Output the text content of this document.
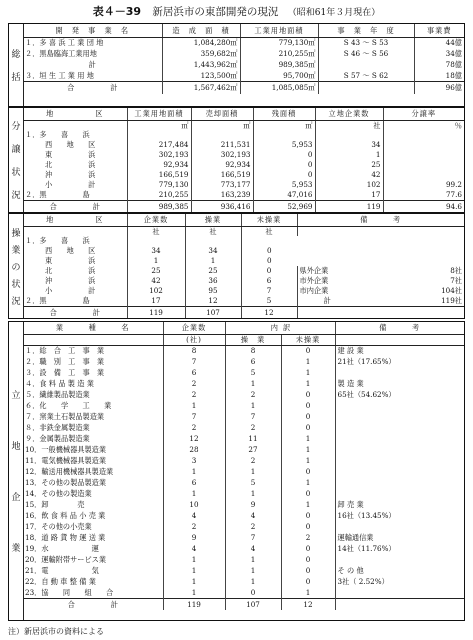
表４－39 新居浜市の東部開発の現況 （昭和61年３月現在）
総
括
開　発　事　業　名	造　成　面　積	工業用地面積	事　業　年　度	事業費
１．多 喜 浜 工 業 団 地	1,084,280㎡	779,130㎡	S 43 ～ S 53	44億
２．黒島臨海工業用地	359,682㎡	210,255㎡	S 46 ～ S 56	34億
計	1,443,962㎡	989,385㎡		78億
３．垣 生 工 業 用 地	123,500㎡	95,700㎡	S 57 ～ S 62	18億
合　　　　　計	1,567,462㎡	1,085,085㎡		96億
分
譲
状
況
地　　　　　区	工業用地面積	売却面積	残面積	立地企業数	分譲率
	㎡	㎡	㎡	社	％
１．多　　喜　　浜					
西　　地　　区	217,484	211,531	5,953	34	
東　　　　　浜	302,193	302,193	0	1	
北　　　　　浜	92,934	92,934	0	25	
沖　　　　　浜	166,519	166,519	0	42	
小　　　　　計	779,130	773,177	5,953	102	99.2
２．黒　　　　　島	210,255	163,239	47,016	17	77.6
合　　　　　計	989,385	936,416	52,969	119	94.6
操
業
の
状
況
地　　　　　区	企業数	操業	未操業	備　　　考	
	社	社	社		
１．多　　喜　　浜					
西　　地　　区	34	34	0		
東　　　　　浜	1	1	0		
北　　　　　浜	25	25	0	県外企業	8社
沖　　　　　浜	42	36	6	市外企業	7社
小　　　　　計	102	95	7	市内企業	104社
２．黒　　　　　島	17	12	5	計	119社
合　　　　　計	119	107	12		
立
地
企
業
業　　　種　　　名	企業数	内	訳	備　　　考
	(社)	操　業	未操業	
１．総　合　工　事　業	8	8	0	建 設 業
２．職　別　工　事　業	7	6	1	21社（17.65%）
３．設　備　工　事　業	6	5	1	
４．食 料 品 製 造 業	2	1	1	製 造 業
５．繊維製品製造業	2	2	0	65社（54.62%）
６．化　　学　　工　　業	1	1	0	
７．窯業土石製品製造業	7	7	0	
８．非鉄金属製造業	2	2	0	
９．金属製品製造業	12	11	1	
10．一般機械器具製造業	28	27	1	
11．電気機械器具製造業	3	2	1	
12．輸送用機械器具製造業	1	1	0	
13．その他の製品製造業	6	5	1	
14．その他の製造業	1	1	0	
15．卸　　　　売	10	9	1	卸 売 業
16．飲 食 料 品 小 売 業	4	4	0	16社（13.45%）
17．その他の小売業	2	2	0	
18．道 路 貨 物 運 送 業	9	7	2	運輸通信業
19．水　　　　　　運	4	4	0	14社（11.76%）
20．運輸附帯サービス業	1	1	0	
21．電　　　　　　気	1	1	0	そ の 他
22．自 動 車 整 備 業	1	1	0	3社（ 2.52%）
23．協　　同　　組　　合	1	0	1	
合　　　　　計	119	107	12	
注）新居浜市の資料による
